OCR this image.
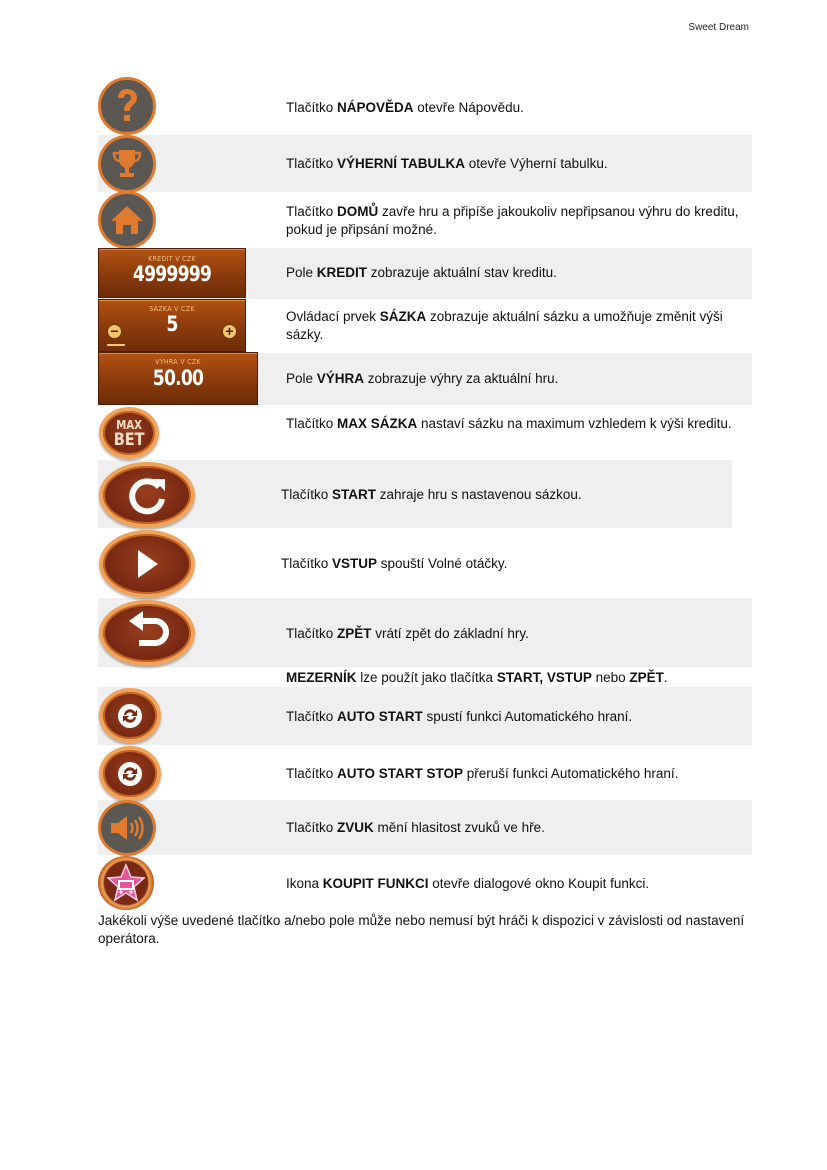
Sweet Dream
KREDIT V CZK
4999999
SÁZKA V CZK
5
−	+
VÝHRA V CZK
50.00
MAX
BET
Tlačítko NÁPOVĚDA otevře Nápovědu.
Tlačítko VÝHERNÍ TABULKA otevře Výherní tabulku.
Tlačítko DOMŮ zavře hru a připíše jakoukoliv nepřipsanou výhru do kreditu, pokud je připsání možné.
Pole KREDIT zobrazuje aktuální stav kreditu.
Ovládací prvek SÁZKA zobrazuje aktuální sázku a umožňuje změnit výši sázky.
Pole VÝHRA zobrazuje výhry za aktuální hru.
Tlačítko MAX SÁZKA nastaví sázku na maximum vzhledem k výši kreditu.
Tlačítko START zahraje hru s nastavenou sázkou.
Tlačítko VSTUP spouští Volné otáčky.
Tlačítko ZPĚT vrátí zpět do základní hry.
MEZERNÍK lze použít jako tlačítka START, VSTUP nebo ZPĚT.
Tlačítko AUTO START spustí funkci Automatického hraní.
Tlačítko AUTO START STOP přeruší funkci Automatického hraní.
Tlačítko ZVUK mění hlasitost zvuků ve hře.
Ikona KOUPIT FUNKCI otevře dialogové okno Koupit funkci.
Jakékoli výše uvedené tlačítko a/nebo pole může nebo nemusí být hráči k dispozici v závislosti od nastavení operátora.
